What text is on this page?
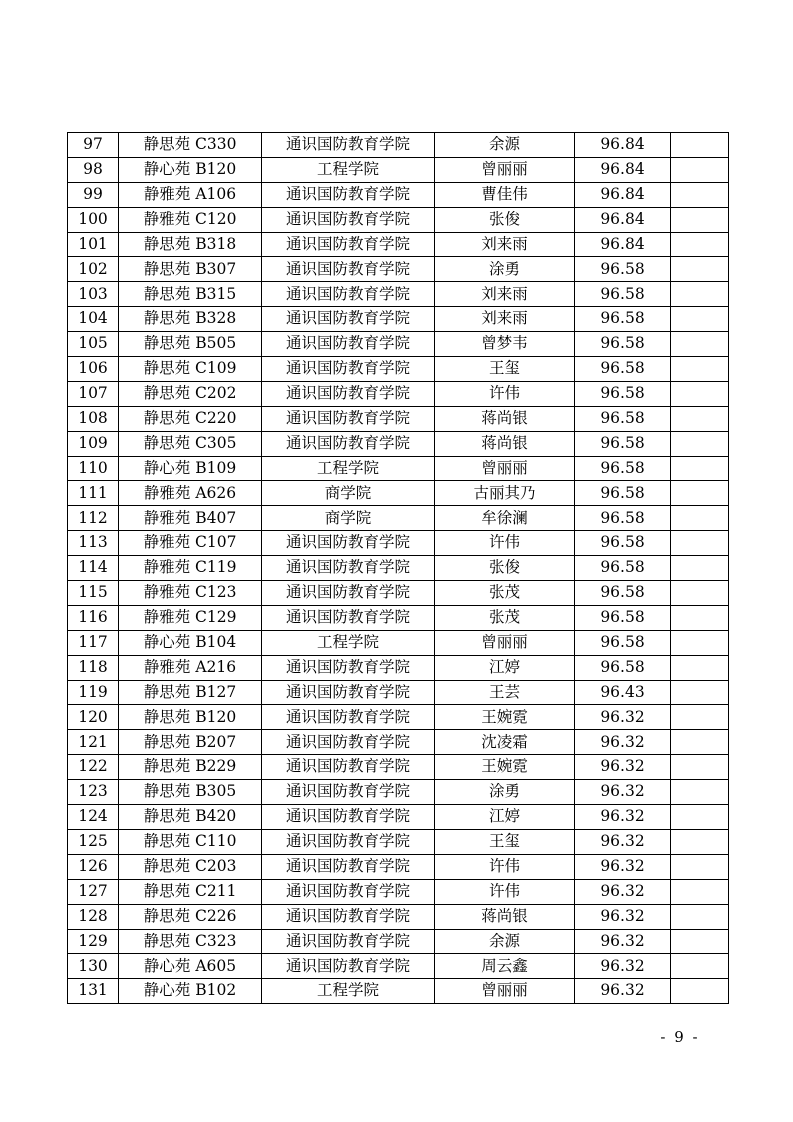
97	静思苑 C330	通识国防教育学院	余源	96.84	
98	静心苑 B120	工程学院	曾丽丽	96.84	
99	静雅苑 A106	通识国防教育学院	曹佳伟	96.84	
100	静雅苑 C120	通识国防教育学院	张俊	96.84	
101	静思苑 B318	通识国防教育学院	刘来雨	96.84	
102	静思苑 B307	通识国防教育学院	涂勇	96.58	
103	静思苑 B315	通识国防教育学院	刘来雨	96.58	
104	静思苑 B328	通识国防教育学院	刘来雨	96.58	
105	静思苑 B505	通识国防教育学院	曾梦韦	96.58	
106	静思苑 C109	通识国防教育学院	王玺	96.58	
107	静思苑 C202	通识国防教育学院	许伟	96.58	
108	静思苑 C220	通识国防教育学院	蒋尚银	96.58	
109	静思苑 C305	通识国防教育学院	蒋尚银	96.58	
110	静心苑 B109	工程学院	曾丽丽	96.58	
111	静雅苑 A626	商学院	古丽其乃	96.58	
112	静雅苑 B407	商学院	牟徐澜	96.58	
113	静雅苑 C107	通识国防教育学院	许伟	96.58	
114	静雅苑 C119	通识国防教育学院	张俊	96.58	
115	静雅苑 C123	通识国防教育学院	张茂	96.58	
116	静雅苑 C129	通识国防教育学院	张茂	96.58	
117	静心苑 B104	工程学院	曾丽丽	96.58	
118	静雅苑 A216	通识国防教育学院	江婷	96.58	
119	静思苑 B127	通识国防教育学院	王芸	96.43	
120	静思苑 B120	通识国防教育学院	王婉霓	96.32	
121	静思苑 B207	通识国防教育学院	沈凌霜	96.32	
122	静思苑 B229	通识国防教育学院	王婉霓	96.32	
123	静思苑 B305	通识国防教育学院	涂勇	96.32	
124	静思苑 B420	通识国防教育学院	江婷	96.32	
125	静思苑 C110	通识国防教育学院	王玺	96.32	
126	静思苑 C203	通识国防教育学院	许伟	96.32	
127	静思苑 C211	通识国防教育学院	许伟	96.32	
128	静思苑 C226	通识国防教育学院	蒋尚银	96.32	
129	静思苑 C323	通识国防教育学院	余源	96.32	
130	静心苑 A605	通识国防教育学院	周云鑫	96.32	
131	静心苑 B102	工程学院	曾丽丽	96.32	
- 9 -
